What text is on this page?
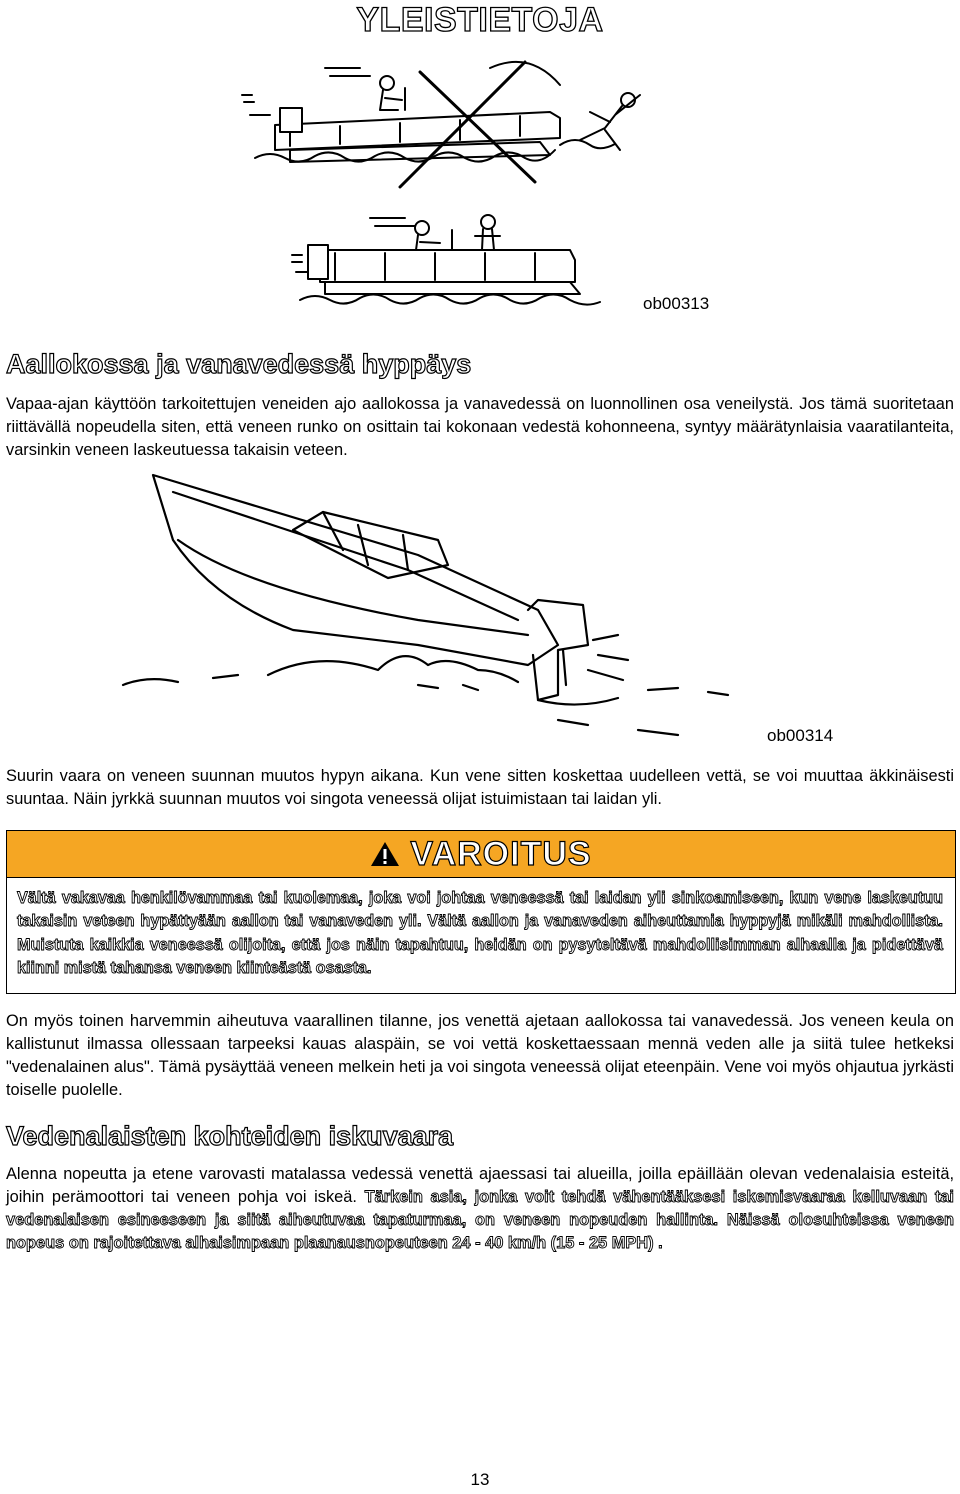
YLEISTIETOJA
ob00313
Aallokossa ja vanavedessä hyppäys

Vapaa-ajan käyttöön tarkoitettujen veneiden ajo aallokossa ja vanavedessä on luonnollinen osa veneilystä. Jos tämä suoritetaan riittävällä nopeudella siten, että veneen runko on osittain tai kokonaan vedestä kohonneena, syntyy määrätynlaisia vaaratilanteita, varsinkin veneen laskeutuessa takaisin veteen.

ob00314

Suurin vaara on veneen suunnan muutos hypyn aikana. Kun vene sitten koskettaa uudelleen vettä, se voi muuttaa äkkinäisesti suuntaa. Näin jyrkkä suunnan muutos voi singota veneessä olijat istuimistaan tai laidan yli.

VAROITUS

Vältä vakavaa henkilövammaa tai kuolemaa, joka voi johtaa veneessä tai laidan yli sinkoamiseen, kun vene laskeutuu takaisin veteen hypättyään aallon tai vanaveden yli. Vältä aallon ja vanaveden aiheuttamia hyppyjä mikäli mahdollista. Muistuta kaikkia veneessä olijoita, että jos näin tapahtuu, heidän on pysyteltävä mahdollisimman alhaalla ja pidettävä kiinni mistä tahansa veneen kiinteästä osasta.

On myös toinen harvemmin aiheutuva vaarallinen tilanne, jos venettä ajetaan aallokossa tai vanavedessä. Jos veneen keula on kallistunut ilmassa ollessaan tarpeeksi kauas alaspäin, se voi vettä koskettaessaan mennä veden alle ja siitä tulee hetkeksi "vedenalainen alus". Tämä pysäyttää veneen melkein heti ja voi singota veneessä olijat eteenpäin. Vene voi myös ohjautua jyrkästi toiselle puolelle.

Vedenalaisten kohteiden iskuvaara

Alenna nopeutta ja etene varovasti matalassa vedessä venettä ajaessasi tai alueilla, joilla epäillään olevan vedenalaisia esteitä, joihin perämoottori tai veneen pohja voi iskeä. Tärkein asia, jonka voit tehdä vähentääksesi iskemisvaaraa kelluvaan tai vedenalaisen esineeseen ja siitä aiheutuvaa tapaturmaa, on veneen nopeuden hallinta. Näissä olosuhteissa veneen nopeus on rajoitettava alhaisimpaan plaanausnopeuteen 24 - 40 km/h (15 - 25 MPH) .

13
